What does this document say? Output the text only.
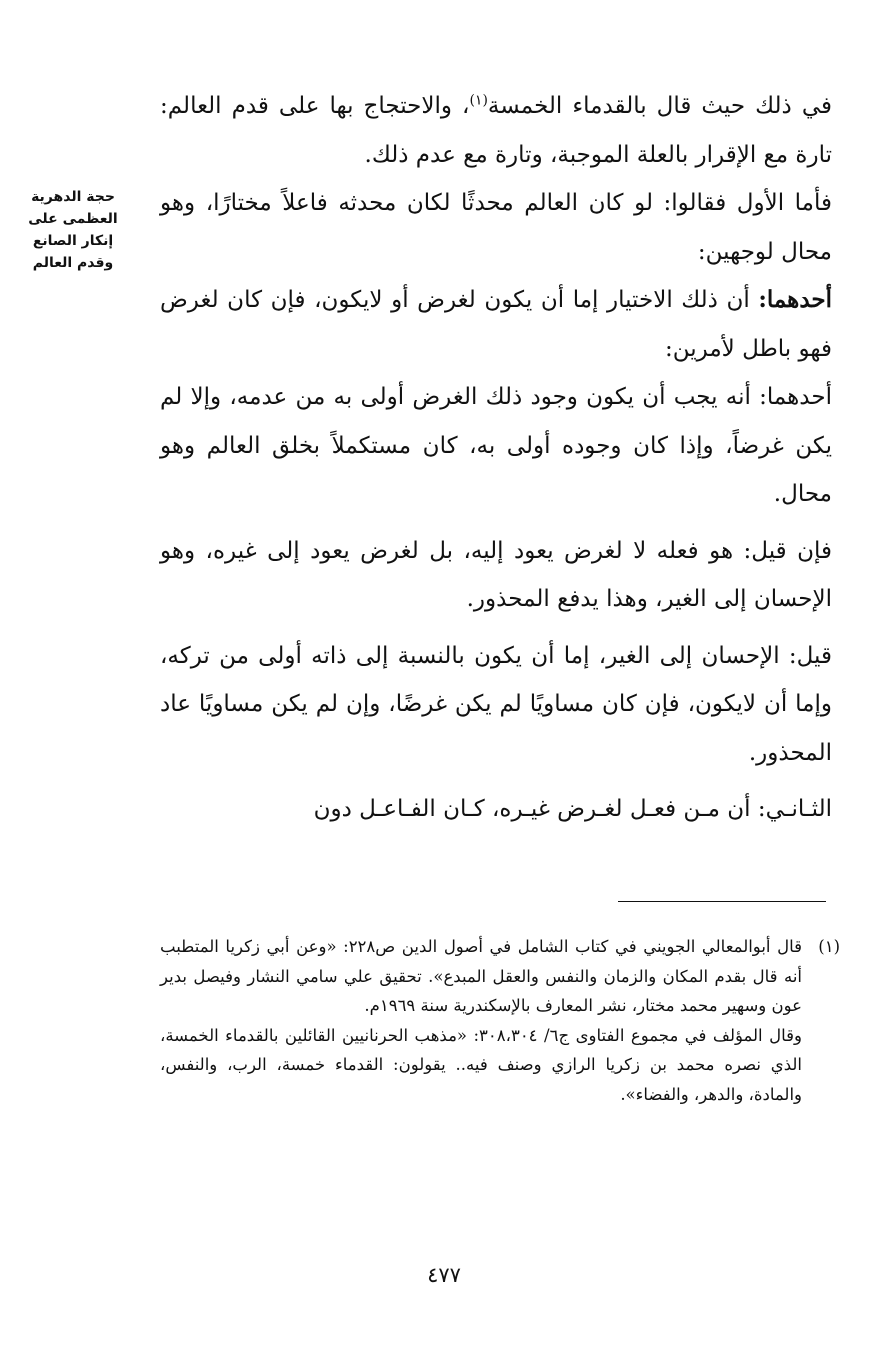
حجة الدهرية
العظمى على
إنكار الصانع
وقدم العالم

في ذلك حيث قال بالقدماء الخمسة$^{(١)}$، والاحتجاج بها على قدم العالم: تارة مع الإقرار بالعلة الموجبة، وتارة مع عدم ذلك.

فأما الأول فقالوا: لو كان العالم محدثًا لكان محدثه فاعلاً مختارًا، وهو محال لوجهين:

أحدهما: أن ذلك الاختيار إما أن يكون لغرض أو لايكون، فإن كان لغرض فهو باطل لأمرين:

أحدهما: أنه يجب أن يكون وجود ذلك الغرض أولى به من عدمه، وإلا لم يكن غرضاً، وإذا كان وجوده أولى به، كان مستكملاً بخلق العالم وهو محال.

فإن قيل: هو فعله لا لغرض يعود إليه، بل لغرض يعود إلى غيره، وهو الإحسان إلى الغير، وهذا يدفع المحذور.

قيل: الإحسان إلى الغير، إما أن يكون بالنسبة إلى ذاته أولى من تركه، وإما أن لايكون، فإن كان مساويًا لم يكن غرضًا، وإن لم يكن مساويًا عاد المحذور.

الثـانـي: أن مـن فعـل لغـرض غيـره، كـان الفـاعـل دون

(١)

قال أبوالمعالي الجويني في كتاب الشامل في أصول الدين ص٢٢٨: «وعن أبي زكريا المتطبب أنه قال بقدم المكان والزمان والنفس والعقل المبدع». تحقيق علي سامي النشار وفيصل بدير عون وسهير محمد مختار، نشر المعارف بالإسكندرية سنة ١٩٦٩م.

وقال المؤلف في مجموع الفتاوى ج٦/ ٣٠٨،٣٠٤: «مذهب الحرنانيين القائلين بالقدماء الخمسة، الذي نصره محمد بن زكريا الرازي وصنف فيه.. يقولون: القدماء خمسة، الرب، والنفس، والمادة، والدهر، والفضاء».

٤٧٧
